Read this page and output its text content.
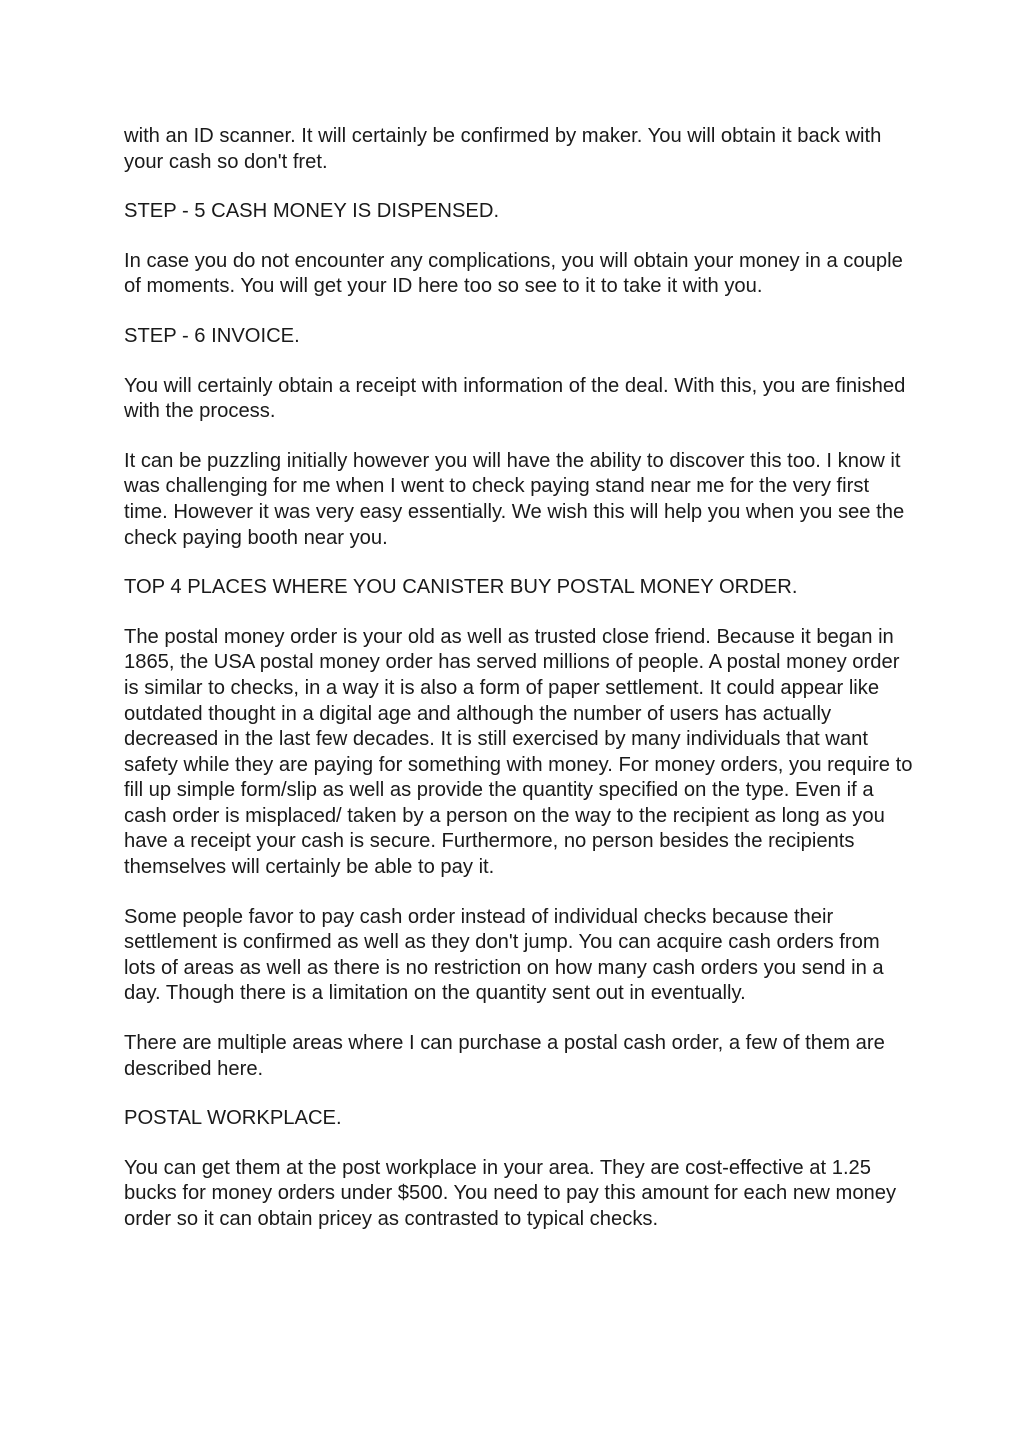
with an ID scanner. It will certainly be confirmed by maker. You will obtain it back with your cash so don't fret.

STEP - 5 CASH MONEY IS DISPENSED.

In case you do not encounter any complications, you will obtain your money in a couple of moments. You will get your ID here too so see to it to take it with you.

STEP - 6 INVOICE.

You will certainly obtain a receipt with information of the deal. With this, you are finished with the process.

It can be puzzling initially however you will have the ability to discover this too. I know it was challenging for me when I went to check paying stand near me for the very first time. However it was very easy essentially. We wish this will help you when you see the check paying booth near you.

TOP 4 PLACES WHERE YOU CANISTER BUY POSTAL MONEY ORDER.

The postal money order is your old as well as trusted close friend. Because it began in 1865, the USA postal money order has served millions of people. A postal money order is similar to checks, in a way it is also a form of paper settlement. It could appear like outdated thought in a digital age and although the number of users has actually decreased in the last few decades. It is still exercised by many individuals that want safety while they are paying for something with money. For money orders, you require to fill up simple form/slip as well as provide the quantity specified on the type. Even if a cash order is misplaced/ taken by a person on the way to the recipient as long as you have a receipt your cash is secure. Furthermore, no person besides the recipients themselves will certainly be able to pay it.

Some people favor to pay cash order instead of individual checks because their settlement is confirmed as well as they don't jump. You can acquire cash orders from lots of areas as well as there is no restriction on how many cash orders you send in a day. Though there is a limitation on the quantity sent out in eventually.

There are multiple areas where I can purchase a postal cash order, a few of them are described here.

POSTAL WORKPLACE.

You can get them at the post workplace in your area. They are cost-effective at 1.25 bucks for money orders under $500. You need to pay this amount for each new money order so it can obtain pricey as contrasted to typical checks.
